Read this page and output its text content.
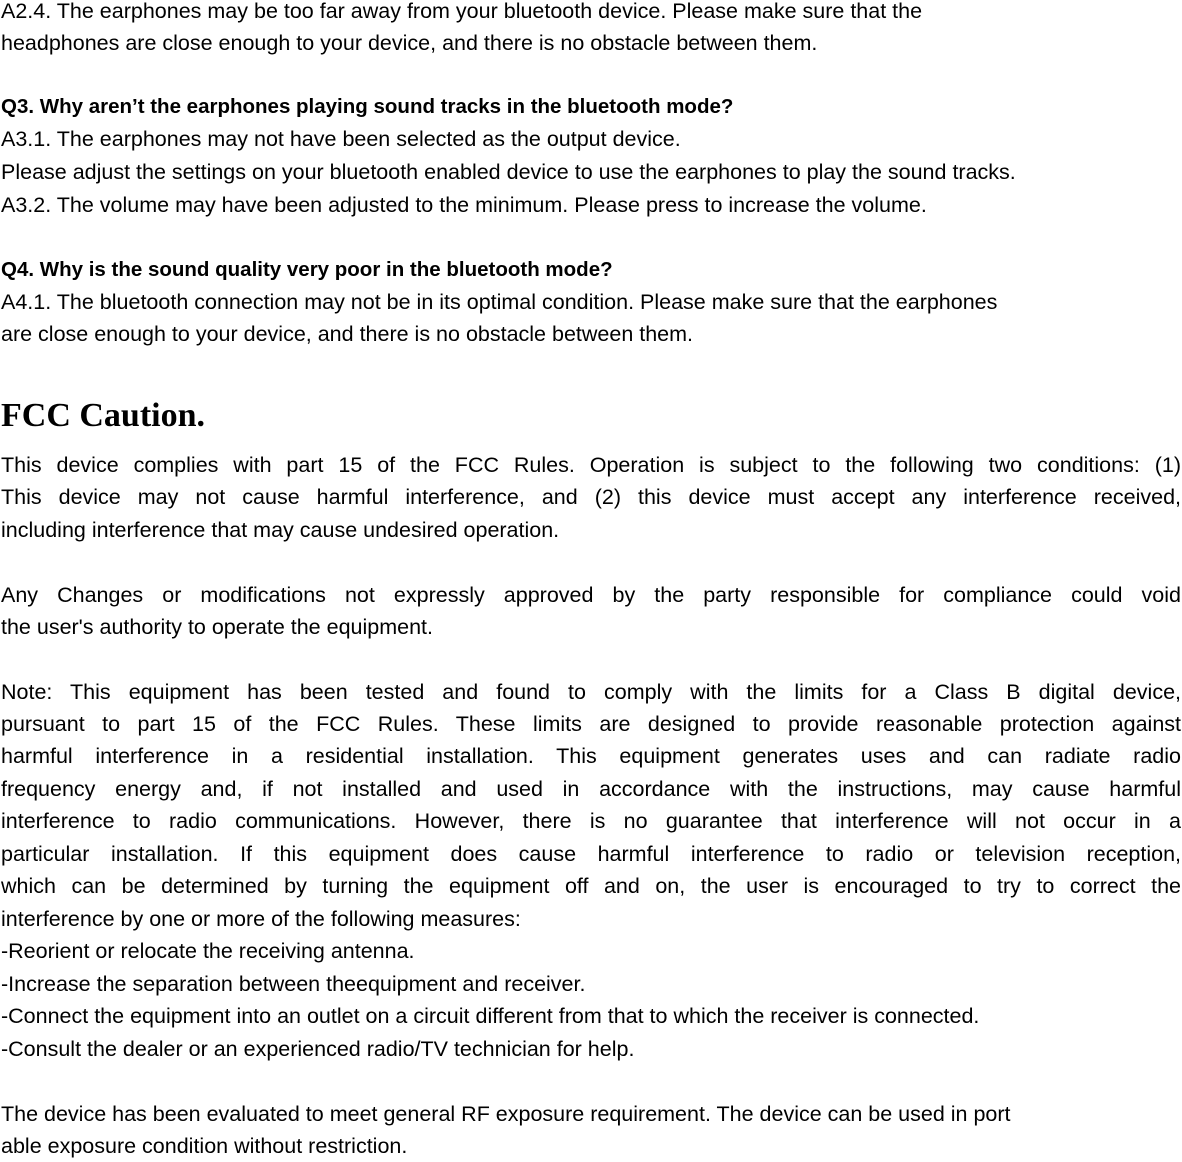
A2.4. The earphones may be too far away from your bluetooth device. Please make sure that the

headphones are close enough to your device, and there is no obstacle between them.

Q3. Why aren’t the earphones playing sound tracks in the bluetooth mode?

A3.1. The earphones may not have been selected as the output device.

Please adjust the settings on your bluetooth enabled device to use the earphones to play the sound tracks.

A3.2. The volume may have been adjusted to the minimum. Please press to increase the volume.

Q4. Why is the sound quality very poor in the bluetooth mode?

A4.1. The bluetooth connection may not be in its optimal condition. Please make sure that the earphones

are close enough to your device, and there is no obstacle between them.

FCC Caution.

This device complies with part 15 of the FCC Rules. Operation is subject to the following two conditions: (1)

This device may not cause harmful interference, and (2) this device must accept any interference received,

including interference that may cause undesired operation.

Any Changes or modifications not expressly approved by the party responsible for compliance could void

the user's authority to operate the equipment.

Note: This equipment has been tested and found to comply with the limits for a Class B digital device,

pursuant to part 15 of the FCC Rules. These limits are designed to provide reasonable protection against

harmful interference in a residential installation. This equipment generates uses and can radiate radio

frequency energy and, if not installed and used in accordance with the instructions, may cause harmful

interference to radio communications. However, there is no guarantee that interference will not occur in a

particular installation. If this equipment does cause harmful interference to radio or television reception,

which can be determined by turning the equipment off and on, the user is encouraged to try to correct the

interference by one or more of the following measures:

-Reorient or relocate the receiving antenna.

-Increase the separation between theequipment and receiver.

-Connect the equipment into an outlet on a circuit different from that to which the receiver is connected.

-Consult the dealer or an experienced radio/TV technician for help.

The device has been evaluated to meet general RF exposure requirement. The device can be used in port

able exposure condition without restriction.
